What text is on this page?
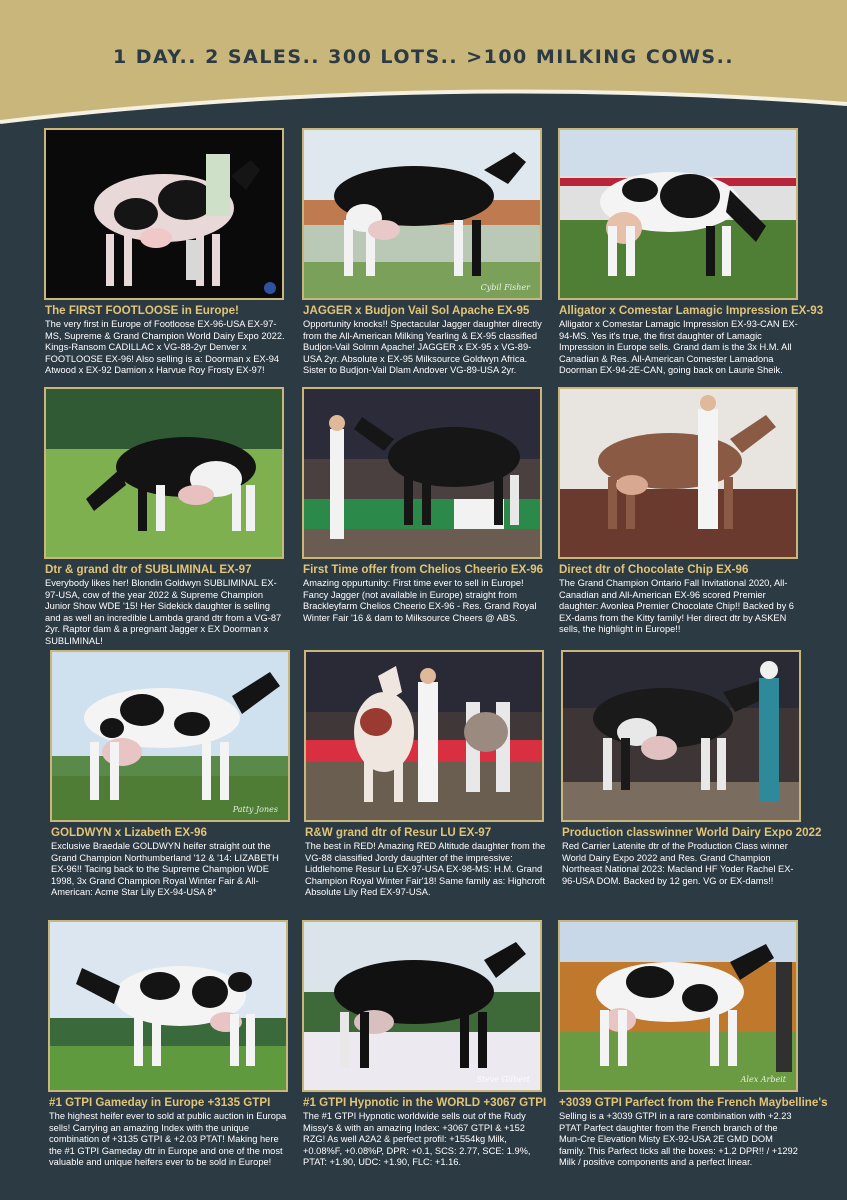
1 DAY.. 2 SALES.. 300 LOTS.. >100 MILKING COWS..
The FIRST FOOTLOOSE in Europe!
The very first in Europe of Footloose EX-96-USA EX-97-MS, Supreme & Grand Champion World Dairy Expo 2022. Kings-Ransom CADILLAC x VG-88-2yr Denver x FOOTLOOSE EX-96! Also selling is a: Doorman x EX-94 Atwood x EX-92 Damion x Harvue Roy Frosty EX-97!
Cybil Fisher
JAGGER x Budjon Vail Sol Apache EX-95
Opportunity knocks!! Spectacular Jagger daughter directly from the All-American Milking Yearling & EX-95 classified Budjon-Vail Solmn Apache! JAGGER x EX-95 x VG-89-USA 2yr. Absolute x EX-95 Milksource Goldwyn Africa. Sister to Budjon-Vail Dlam Andover VG-89-USA 2yr.
Alligator x Comestar Lamagic Impression EX-93
Alligator x Comestar Lamagic Impression EX-93-CAN EX-94-MS. Yes it's true, the first daughter of Lamagic Impression in Europe sells. Grand dam is the 3x H.M. All Canadian & Res. All-American Comester Lamadona Doorman EX-94-2E-CAN, going back on Laurie Sheik.
Dtr & grand dtr of SUBLIMINAL EX-97
Everybody likes her! Blondin Goldwyn SUBLIMINAL EX-97-USA, cow of the year 2022 & Supreme Champion Junior Show WDE '15! Her Sidekick daughter is selling and as well an incredible Lambda grand dtr from a VG-87 2yr. Raptor dam & a pregnant Jagger x EX Doorman x SUBLIMINAL!
First Time offer from Chelios Cheerio EX-96
Amazing oppurtunity: First time ever to sell in Europe! Fancy Jagger (not available in Europe) straight from Brackleyfarm Chelios Cheerio EX-96 - Res. Grand Royal Winter Fair '16 & dam to Milksource Cheers @ ABS.
Direct dtr of Chocolate Chip EX-96
The Grand Champion Ontario Fall Invitational 2020, All-Canadian and All-American EX-96 scored Premier daughter: Avonlea Premier Chocolate Chip!! Backed by 6 EX-dams from the Kitty family! Her direct dtr by ASKEN sells, the highlight in Europe!!
Patty Jones
GOLDWYN x Lizabeth EX-96
Exclusive Braedale GOLDWYN heifer straight out the Grand Champion Northumberland '12 & '14: LIZABETH EX-96!! Tacing back to the Supreme Champion WDE 1998, 3x Grand Champion Royal Winter Fair & All-American: Acme Star Lily EX-94-USA 8*
R&W grand dtr of Resur LU EX-97
The best in RED! Amazing RED Altitude daughter from the VG-88 classified Jordy daughter of the impressive: Liddlehome Resur Lu EX-97-USA EX-98-MS: H.M. Grand Champion Royal Winter Fair'18! Same family as: Highcroft Absolute Lily Red EX-97-USA.
Production classwinner World Dairy Expo 2022
Red Carrier Latenite dtr of the Production Class winner World Dairy Expo 2022 and Res. Grand Champion Northeast National 2023: Macland HF Yoder Rachel EX-96-USA DOM. Backed by 12 gen. VG or EX-dams!!
#1 GTPI Gameday in Europe +3135 GTPI
The highest heifer ever to sold at public auction in Europa sells! Carrying an amazing Index with the unique combination of +3135 GTPI & +2.03 PTAT! Making here the #1 GTPI Gameday dtr in Europe and one of the most valuable and unique heifers ever to be sold in Europe!
Steve Gilbert
#1 GTPI Hypnotic in the WORLD +3067 GTPI
The #1 GTPI Hypnotic worldwide sells out of the Rudy Missy's & with an amazing Index: +3067 GTPI & +152 RZG! As well A2A2 & perfect profil: +1554kg Milk, +0.08%F, +0.08%P, DPR: +0.1, SCS: 2.77, SCE: 1.9%, PTAT: +1.90, UDC: +1.90, FLC: +1.16.
Alex Arbeit
+3039 GTPI Parfect from the French Maybelline's
Selling is a +3039 GTPI in a rare combination with +2.23 PTAT Parfect daughter from the French branch of the Mun-Cre Elevation Misty EX-92-USA 2E GMD DOM family. This Parfect ticks all the boxes: +1.2 DPR!! / +1292 Milk / positive components and a perfect linear.
